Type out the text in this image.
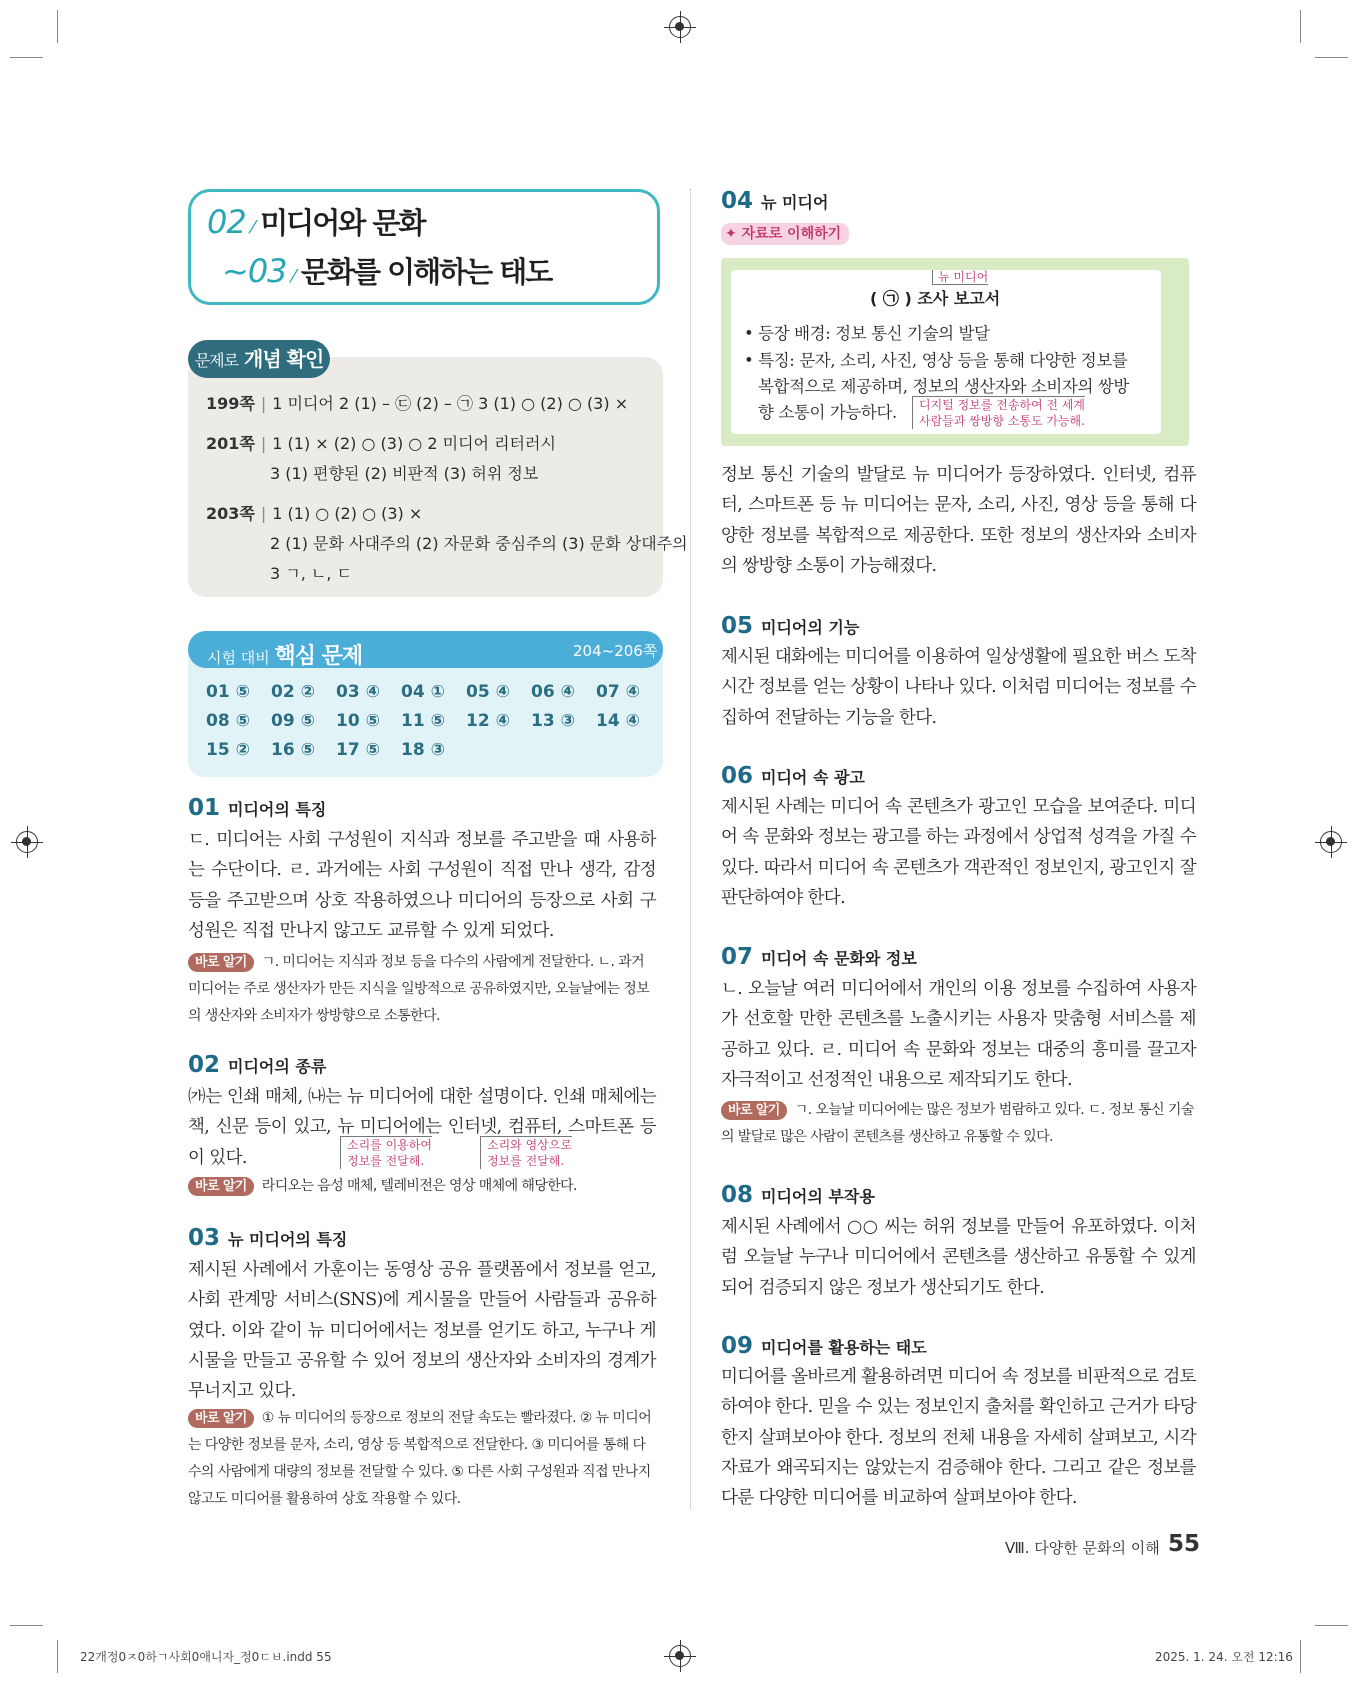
02 ⁄ 미디어와 문화
~03 ⁄ 문화를 이해하는 태도
문제로 개념 확인
199쪽 | 1 미디어 2 (1) – ㉢ (2) – ㉠ 3 (1) ○ (2) ○ (3) ×
201쪽 | 1 (1) × (2) ○ (3) ○ 2 미디어 리터러시
3 (1) 편향된 (2) 비판적 (3) 허위 정보
203쪽 | 1 (1) ○ (2) ○ (3) ×
2 (1) 문화 사대주의 (2) 자문화 중심주의 (3) 문화 상대주의
3 ㄱ, ㄴ, ㄷ
시험 대비 핵심 문제	204~206쪽
01 ⑤ 02 ② 03 ④ 04 ① 05 ④ 06 ④ 07 ④
08 ⑤ 09 ⑤ 10 ⑤ 11 ⑤ 12 ④ 13 ③ 14 ④
15 ② 16 ⑤ 17 ⑤ 18 ③
01 미디어의 특징
ㄷ. 미디어는 사회 구성원이 지식과 정보를 주고받을 때 사용하는 수단이다. ㄹ. 과거에는 사회 구성원이 직접 만나 생각, 감정 등을 주고받으며 상호 작용하였으나 미디어의 등장으로 사회 구성원은 직접 만나지 않고도 교류할 수 있게 되었다.
바로 알기 ㄱ. 미디어는 지식과 정보 등을 다수의 사람에게 전달한다. ㄴ. 과거 미디어는 주로 생산자가 만든 지식을 일방적으로 공유하였지만, 오늘날에는 정보의 생산자와 소비자가 쌍방향으로 소통한다.
02 미디어의 종류
㈎는 인쇄 매체, ㈏는 뉴 미디어에 대한 설명이다. 인쇄 매체에는 책, 신문 등이 있고, 뉴 미디어에는 인터넷, 컴퓨터, 스마트폰 등이 있다.
소리를 이용하여
정보를 전달해.
소리와 영상으로
정보를 전달해.
바로 알기 라디오는 음성 매체, 텔레비전은 영상 매체에 해당한다.
03 뉴 미디어의 특징
제시된 사례에서 가훈이는 동영상 공유 플랫폼에서 정보를 얻고, 사회 관계망 서비스(SNS)에 게시물을 만들어 사람들과 공유하였다. 이와 같이 뉴 미디어에서는 정보를 얻기도 하고, 누구나 게시물을 만들고 공유할 수 있어 정보의 생산자와 소비자의 경계가 무너지고 있다.
바로 알기 ① 뉴 미디어의 등장으로 정보의 전달 속도는 빨라졌다. ② 뉴 미디어는 다양한 정보를 문자, 소리, 영상 등 복합적으로 전달한다. ③ 미디어를 통해 다수의 사람에게 대량의 정보를 전달할 수 있다. ⑤ 다른 사회 구성원과 직접 만나지 않고도 미디어를 활용하여 상호 작용할 수 있다.
04 뉴 미디어
✦ 자료로 이해하기
뉴 미디어
( ㉠ ) 조사 보고서
• 등장 배경: 정보 통신 기술의 발달
• 특징: 문자, 소리, 사진, 영상 등을 통해 다양한 정보를
복합적으로 제공하며, 정보의 생산자와 소비자의 쌍방
향 소통이 가능하다. 디지털 정보를 전송하여 전 세계
사람들과 쌍방향 소통도 가능해.
정보 통신 기술의 발달로 뉴 미디어가 등장하였다. 인터넷, 컴퓨터, 스마트폰 등 뉴 미디어는 문자, 소리, 사진, 영상 등을 통해 다양한 정보를 복합적으로 제공한다. 또한 정보의 생산자와 소비자의 쌍방향 소통이 가능해졌다.
05 미디어의 기능
제시된 대화에는 미디어를 이용하여 일상생활에 필요한 버스 도착 시간 정보를 얻는 상황이 나타나 있다. 이처럼 미디어는 정보를 수집하여 전달하는 기능을 한다.
06 미디어 속 광고
제시된 사례는 미디어 속 콘텐츠가 광고인 모습을 보여준다. 미디어 속 문화와 정보는 광고를 하는 과정에서 상업적 성격을 가질 수 있다. 따라서 미디어 속 콘텐츠가 객관적인 정보인지, 광고인지 잘 판단하여야 한다.
07 미디어 속 문화와 정보
ㄴ. 오늘날 여러 미디어에서 개인의 이용 정보를 수집하여 사용자가 선호할 만한 콘텐츠를 노출시키는 사용자 맞춤형 서비스를 제공하고 있다. ㄹ. 미디어 속 문화와 정보는 대중의 흥미를 끌고자 자극적이고 선정적인 내용으로 제작되기도 한다.
바로 알기 ㄱ. 오늘날 미디어에는 많은 정보가 범람하고 있다. ㄷ. 정보 통신 기술의 발달로 많은 사람이 콘텐츠를 생산하고 유통할 수 있다.
08 미디어의 부작용
제시된 사례에서 ○○ 씨는 허위 정보를 만들어 유포하였다. 이처럼 오늘날 누구나 미디어에서 콘텐츠를 생산하고 유통할 수 있게 되어 검증되지 않은 정보가 생산되기도 한다.
09 미디어를 활용하는 태도
미디어를 올바르게 활용하려면 미디어 속 정보를 비판적으로 검토하여야 한다. 믿을 수 있는 정보인지 출처를 확인하고 근거가 타당한지 살펴보아야 한다. 정보의 전체 내용을 자세히 살펴보고, 시각 자료가 왜곡되지는 않았는지 검증해야 한다. 그리고 같은 정보를 다룬 다양한 미디어를 비교하여 살펴보아야 한다.
Ⅷ. 다양한 문화의 이해 55
22개정0ㅈ0하ㄱ사회0애니자_정0ㄷㅂ.indd 55	2025. 1. 24. 오전 12:16
